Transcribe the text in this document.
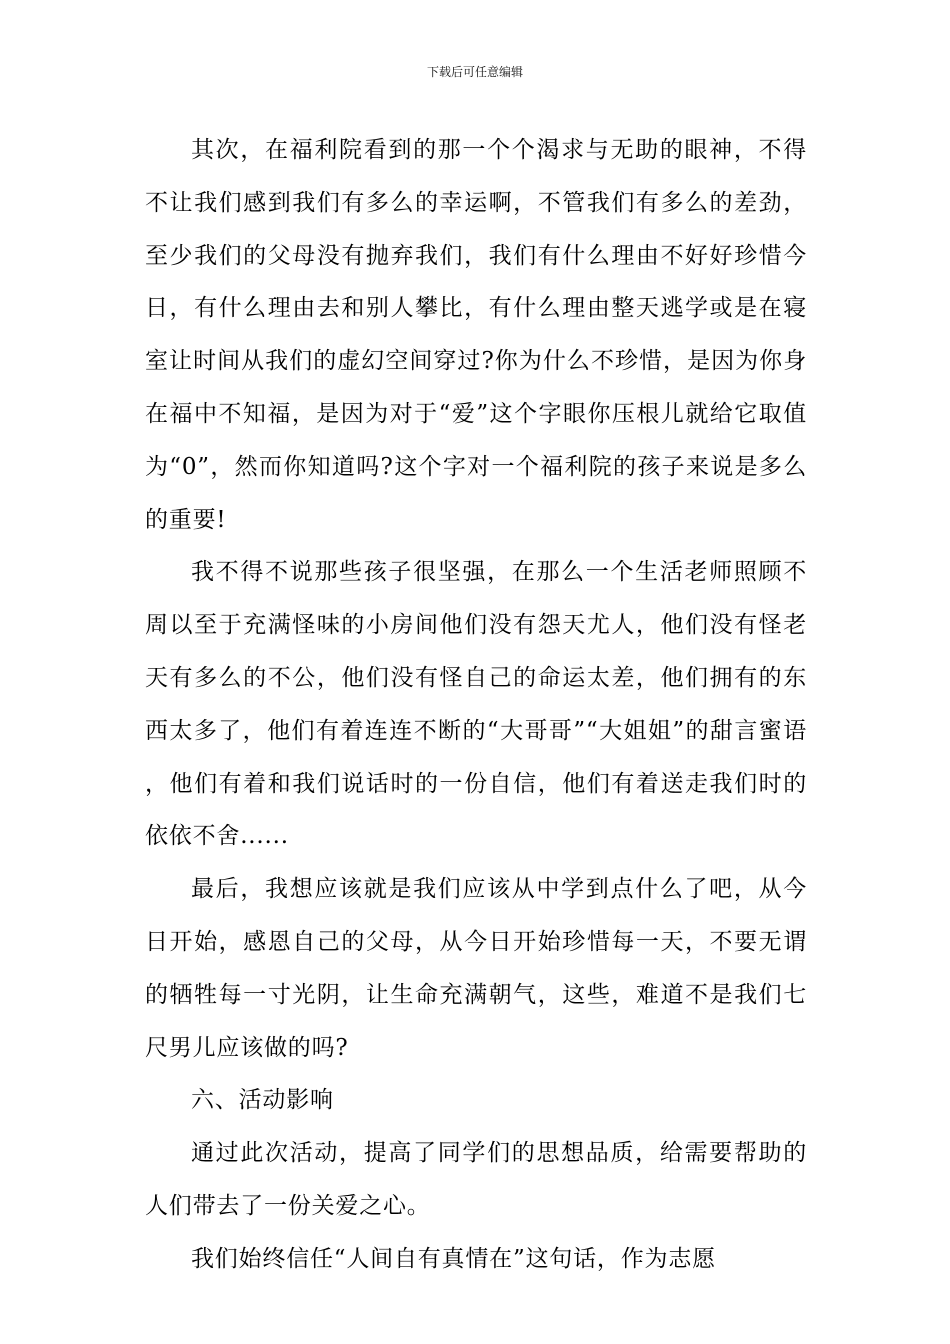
下载后可任意编辑

其次，在福利院看到的那一个个渴求与无助的眼神，不得不让我们感到我们有多么的幸运啊，不管我们有多么的差劲，至少我们的父母没有抛弃我们，我们有什么理由不好好珍惜今日，有什么理由去和别人攀比，有什么理由整天逃学或是在寝室让时间从我们的虚幻空间穿过?你为什么不珍惜，是因为你身在福中不知福，是因为对于“爱”这个字眼你压根儿就给它取值为“0”，然而你知道吗?这个字对一个福利院的孩子来说是多么的重要!

我不得不说那些孩子很坚强，在那么一个生活老师照顾不周以至于充满怪味的小房间他们没有怨天尤人，他们没有怪老天有多么的不公，他们没有怪自己的命运太差，他们拥有的东西太多了，他们有着连连不断的“大哥哥”“大姐姐”的甜言蜜语，他们有着和我们说话时的一份自信，他们有着送走我们时的依依不舍......

最后，我想应该就是我们应该从中学到点什么了吧，从今日开始，感恩自己的父母，从今日开始珍惜每一天，不要无谓的牺牲每一寸光阴，让生命充满朝气，这些，难道不是我们七尺男儿应该做的吗?

六、活动影响

通过此次活动，提高了同学们的思想品质，给需要帮助的人们带去了一份关爱之心。

我们始终信任“人间自有真情在”这句话，作为志愿
